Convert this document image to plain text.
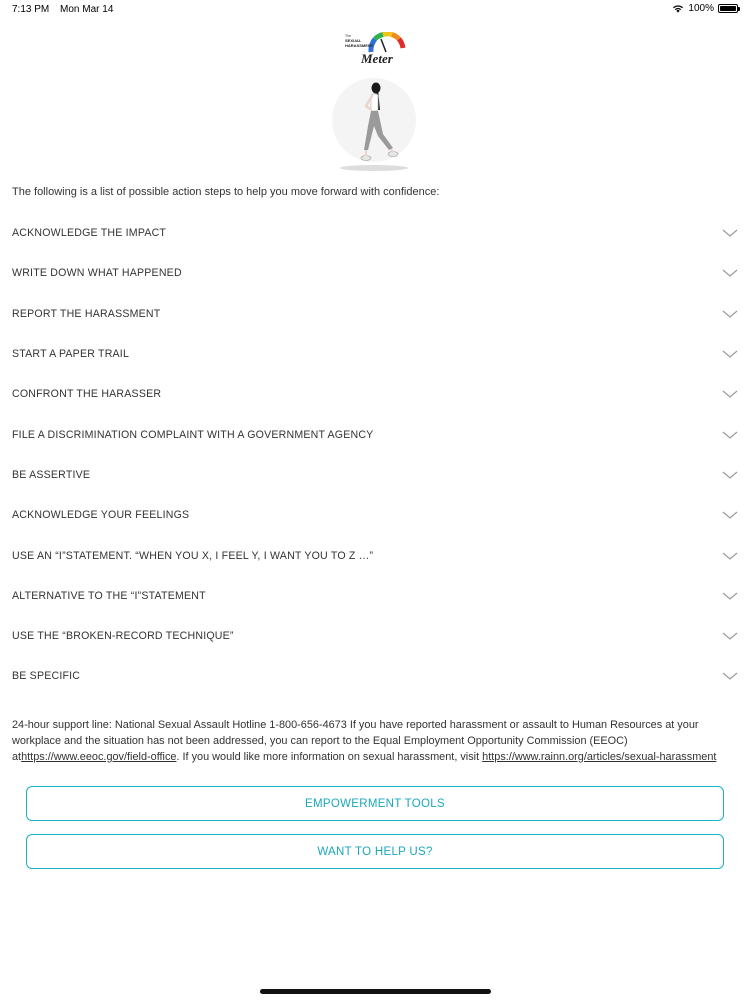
7:13 PM Mon Mar 14	100%
The
SEXUAL
HARASSMENT
Meter

The following is a list of possible action steps to help you move forward with confidence:

ACKNOWLEDGE THE IMPACT
WRITE DOWN WHAT HAPPENED
REPORT THE HARASSMENT
START A PAPER TRAIL
CONFRONT THE HARASSER
FILE A DISCRIMINATION COMPLAINT WITH A GOVERNMENT AGENCY
BE ASSERTIVE
ACKNOWLEDGE YOUR FEELINGS
USE AN “I”STATEMENT. “WHEN YOU X, I FEEL Y, I WANT YOU TO Z …”
ALTERNATIVE TO THE “I”STATEMENT
USE THE “BROKEN-RECORD TECHNIQUE”
BE SPECIFIC

24-hour support line: National Sexual Assault Hotline 1-800-656-4673 If you have reported harassment or assault to Human Resources at your workplace and the situation has not been addressed, you can report to the Equal Employment Opportunity Commission (EEOC) athttps://www.eeoc.gov/field-office. If you would like more information on sexual harassment, visit https://www.rainn.org/articles/sexual-harassment

EMPOWERMENT TOOLS
WANT TO HELP US?
